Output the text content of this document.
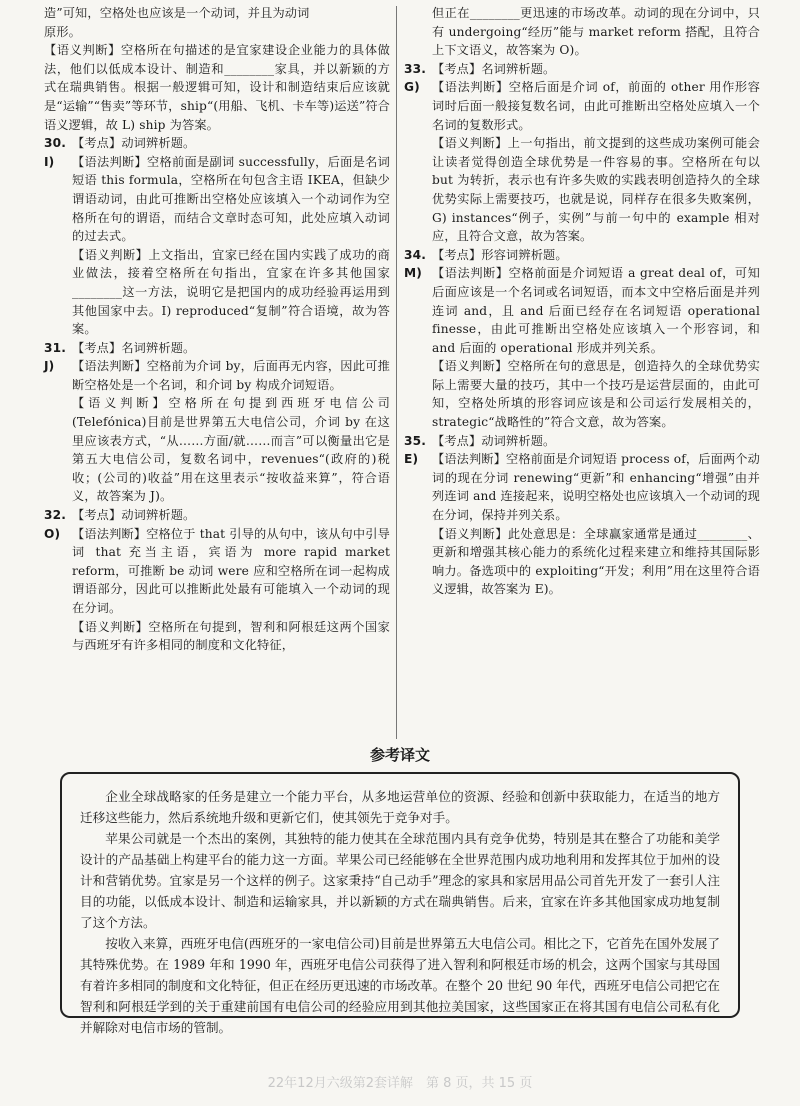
造”可知，空格处也应该是一个动词，并且为动词
原形。

【语义判断】空格所在句描述的是宜家建设企业能力的具体做法，他们以低成本设计、制造和________家具，并以新颖的方式在瑞典销售。根据一般逻辑可知，设计和制造结束后应该就是“运输”“售卖”等环节，ship“(用船、飞机、卡车等)运送”符合语义逻辑，故 L) ship 为答案。

30. 【考点】动词辨析题。
I)	【语法判断】空格前面是副词 successfully，后面是名词短语 this formula，空格所在句包含主语 IKEA，但缺少谓语动词，由此可推断出空格处应该填入一个动词作为空格所在句的谓语，而结合文章时态可知，此处应填入动词的过去式。

【语义判断】上文指出，宜家已经在国内实践了成功的商业做法，接着空格所在句指出，宜家在许多其他国家________这一方法，说明它是把国内的成功经验再运用到其他国家中去。I) reproduced“复制”符合语境，故为答案。

31. 【考点】名词辨析题。
J)	【语法判断】空格前为介词 by，后面再无内容，因此可推断空格处是一个名词，和介词 by 构成介词短语。

【语义判断】空格所在句提到西班牙电信公司(Telefónica)目前是世界第五大电信公司，介词 by 在这里应该表方式，“从……方面/就……而言”可以衡量出它是第五大电信公司，复数名词中，revenues“(政府的)税收；(公司的)收益”用在这里表示“按收益来算”，符合语义，故答案为 J)。

32. 【考点】动词辨析题。
O) 【语法判断】空格位于 that 引导的从句中，该从句中引导词 that 充当主语，宾语为 more rapid market reform，可推断 be 动词 were 应和空格所在词一起构成谓语部分，因此可以推断此处最有可能填入一个动词的现在分词。

【语义判断】空格所在句提到，智利和阿根廷这两个国家与西班牙有许多相同的制度和文化特征，

但正在________更迅速的市场改革。动词的现在分词中，只有 undergoing“经历”能与 market reform 搭配，且符合上下文语义，故答案为 O)。

33. 【考点】名词辨析题。
G) 【语法判断】空格后面是介词 of，前面的 other 用作形容词时后面一般接复数名词，由此可推断出空格处应填入一个名词的复数形式。

【语义判断】上一句指出，前文提到的这些成功案例可能会让读者觉得创造全球优势是一件容易的事。空格所在句以 but 为转折，表示也有许多失败的实践表明创造持久的全球优势实际上需要技巧，也就是说，同样存在很多失败案例，G) instances“例子，实例”与前一句中的 example 相对应，且符合文意，故为答案。

34. 【考点】形容词辨析题。
M) 【语法判断】空格前面是介词短语 a great deal of，可知后面应该是一个名词或名词短语，而本文中空格后面是并列连词 and，且 and 后面已经存在名词短语 operational finesse，由此可推断出空格处应该填入一个形容词，和 and 后面的 operational 形成并列关系。

【语义判断】空格所在句的意思是，创造持久的全球优势实际上需要大量的技巧，其中一个技巧是运营层面的，由此可知，空格处所填的形容词应该是和公司运行发展相关的，strategic“战略性的”符合文意，故为答案。

35. 【考点】动词辨析题。
E)	【语法判断】空格前面是介词短语 process of，后面两个动词的现在分词 renewing“更新”和 enhancing“增强”由并列连词 and 连接起来，说明空格处也应该填入一个动词的现在分词，保持并列关系。

【语义判断】此处意思是：全球赢家通常是通过________、更新和增强其核心能力的系统化过程来建立和维持其国际影响力。备选项中的 exploiting“开发；利用”用在这里符合语义逻辑，故答案为 E)。

参考译文

企业全球战略家的任务是建立一个能力平台，从多地运营单位的资源、经验和创新中获取能力，在适当的地方迁移这些能力，然后系统地升级和更新它们，使其领先于竞争对手。

苹果公司就是一个杰出的案例，其独特的能力使其在全球范围内具有竞争优势，特别是其在整合了功能和美学设计的产品基础上构建平台的能力这一方面。苹果公司已经能够在全世界范围内成功地利用和发挥其位于加州的设计和营销优势。宜家是另一个这样的例子。这家秉持“自己动手”理念的家具和家居用品公司首先开发了一套引人注目的功能，以低成本设计、制造和运输家具，并以新颖的方式在瑞典销售。后来，宜家在许多其他国家成功地复制了这个方法。

按收入来算，西班牙电信(西班牙的一家电信公司)目前是世界第五大电信公司。相比之下，它首先在国外发展了其特殊优势。在 1989 年和 1990 年，西班牙电信公司获得了进入智利和阿根廷市场的机会，这两个国家与其母国有着许多相同的制度和文化特征，但正在经历更迅速的市场改革。在整个 20 世纪 90 年代，西班牙电信公司把它在智利和阿根廷学到的关于重建前国有电信公司的经验应用到其他拉美国家，这些国家正在将其国有电信公司私有化并解除对电信市场的管制。

22年12月六级第2套详解　第 8 页，共 15 页
